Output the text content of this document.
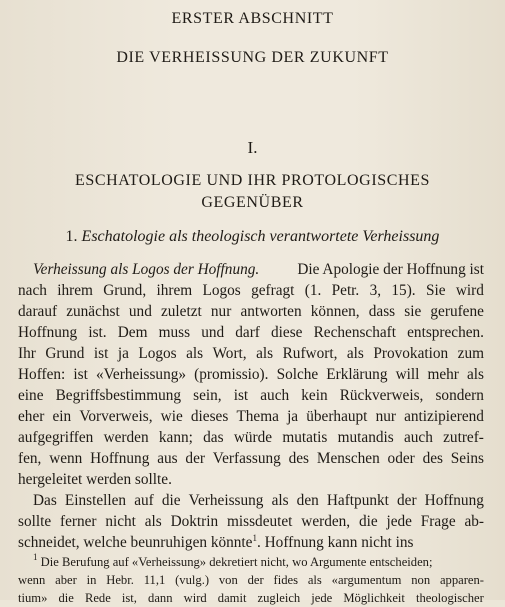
ERSTER ABSCHNITT
DIE VERHEISSUNG DER ZUKUNFT
I.
ESCHATOLOGIE UND IHR PROTOLOGISCHES
GEGENÜBER
1. Eschatologie als theologisch verantwortete Verheissung
Verheissung als Logos der Hoffnung. Die Apologie der Hoffnung ist
nach ihrem Grund, ihrem Logos gefragt (1. Petr. 3, 15). Sie wird
darauf zunächst und zuletzt nur antworten können, dass sie gerufene
Hoffnung ist. Dem muss und darf diese Rechenschaft entsprechen.
Ihr Grund ist ja Logos als Wort, als Rufwort, als Provokation zum
Hoffen: ist «Verheissung» (promissio). Solche Erklärung will mehr als
eine Begriffsbestimmung sein, ist auch kein Rückverweis, sondern
eher ein Vorverweis, wie dieses Thema ja überhaupt nur antizipierend
aufgegriffen werden kann; das würde mutatis mutandis auch zutref-
fen, wenn Hoffnung aus der Verfassung des Menschen oder des Seins
hergeleitet werden sollte.
Das Einstellen auf die Verheissung als den Haftpunkt der Hoffnung
sollte ferner nicht als Doktrin missdeutet werden, die jede Frage ab-
schneidet, welche beunruhigen könnte$^1$. Hoffnung kann nicht ins
$^1$ Die Berufung auf «Verheissung» dekretiert nicht, wo Argumente entscheiden;
wenn aber in Hebr. 11,1 (vulg.) von der fides als «argumentum non apparen-
tium» die Rede ist, dann wird damit zugleich jede Möglichkeit theologischer
